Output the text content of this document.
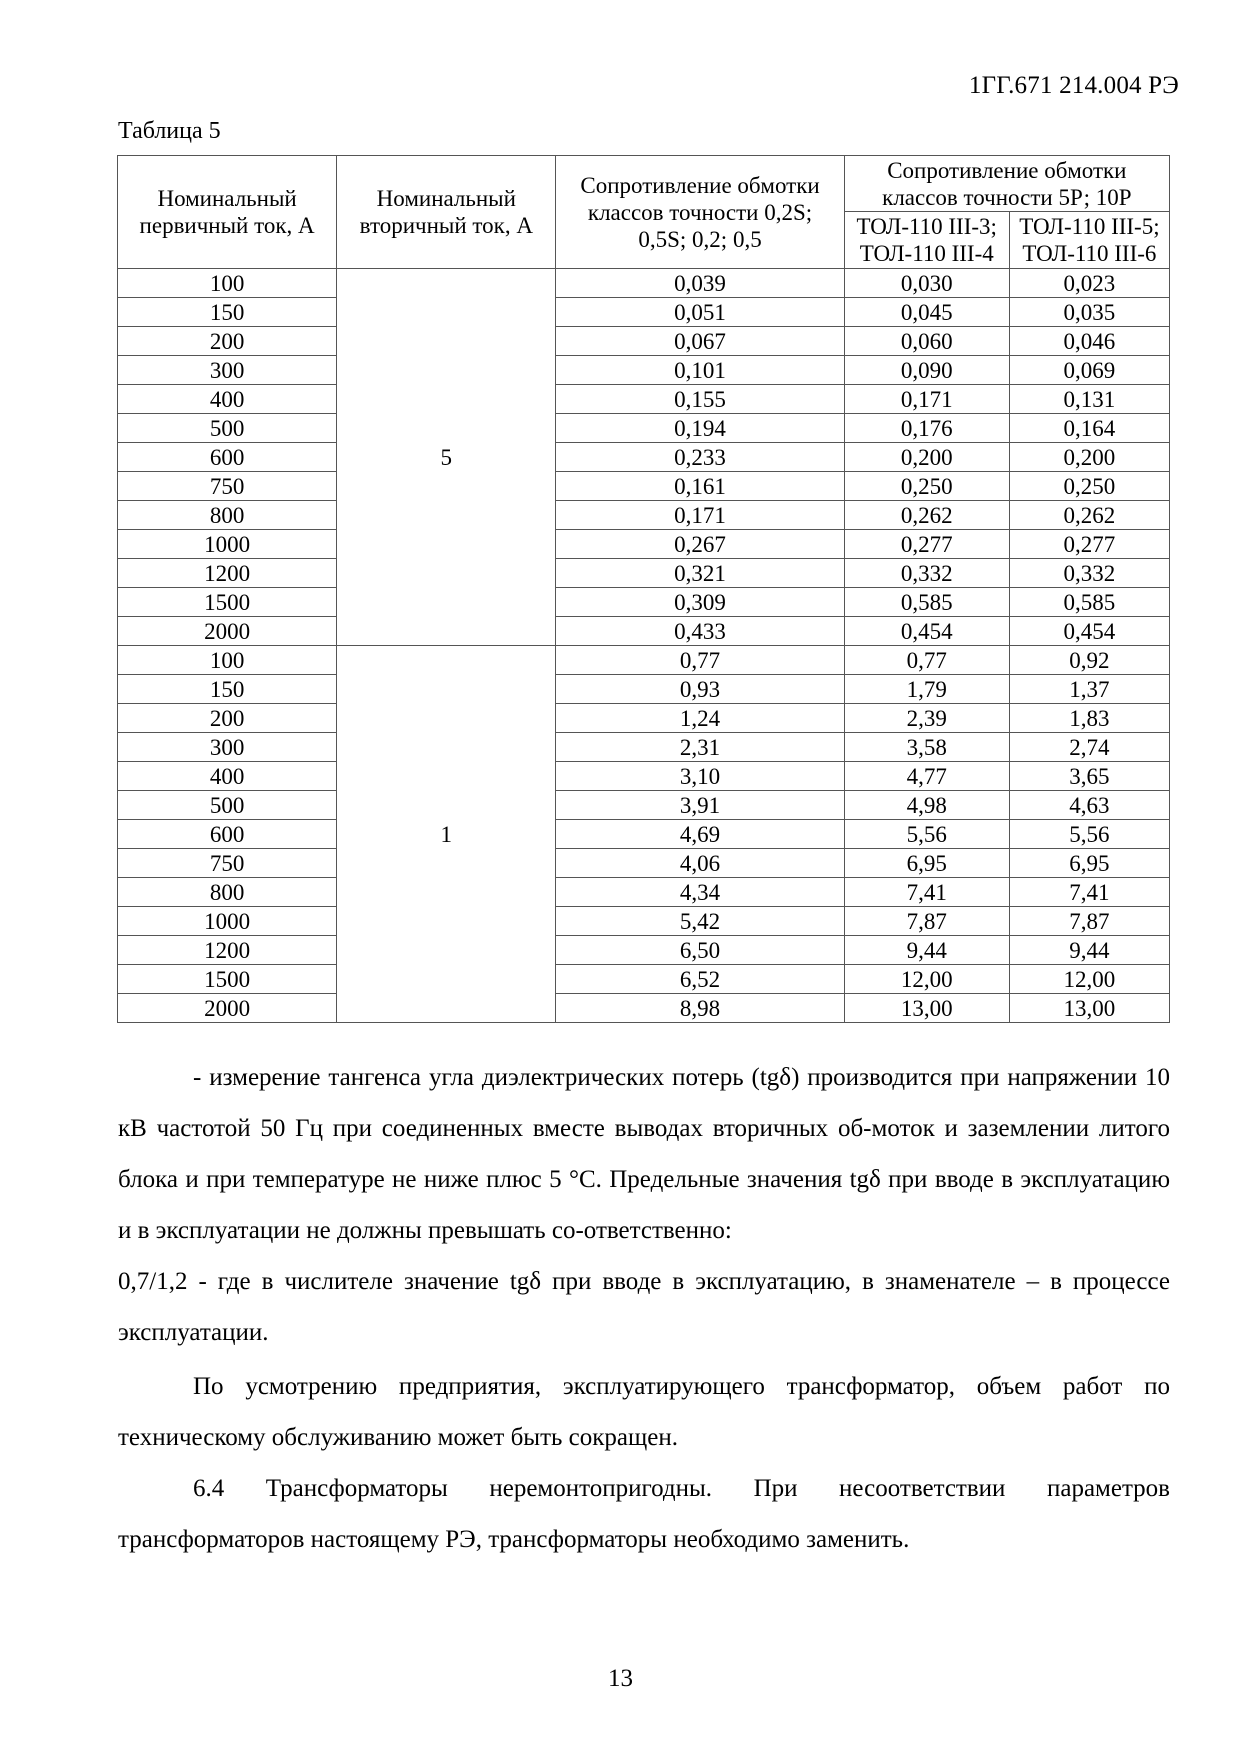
1ГГ.671 214.004 РЭ
Таблица 5
Номинальный первичный ток, А	Номинальный вторичный ток, А	Сопротивление обмотки классов точности 0,2S; 0,5S; 0,2; 0,5	Сопротивление обмотки классов точности 5Р; 10Р	
			ТОЛ-110 III-3; ТОЛ-110 III-4	ТОЛ-110 III-5; ТОЛ-110 III-6
100	5	0,039	0,030	0,023
150		0,051	0,045	0,035
200		0,067	0,060	0,046
300		0,101	0,090	0,069
400		0,155	0,171	0,131
500		0,194	0,176	0,164
600		0,233	0,200	0,200
750		0,161	0,250	0,250
800		0,171	0,262	0,262
1000		0,267	0,277	0,277
1200		0,321	0,332	0,332
1500		0,309	0,585	0,585
2000		0,433	0,454	0,454
100	1	0,77	0,77	0,92
150		0,93	1,79	1,37
200		1,24	2,39	1,83
300		2,31	3,58	2,74
400		3,10	4,77	3,65
500		3,91	4,98	4,63
600		4,69	5,56	5,56
750		4,06	6,95	6,95
800		4,34	7,41	7,41
1000		5,42	7,87	7,87
1200		6,50	9,44	9,44
1500		6,52	12,00	12,00
2000		8,98	13,00	13,00

- измерение тангенса угла диэлектрических потерь (tgδ) производится при напряжении 10 кВ частотой 50 Гц при соединенных вместе выводах вторичных об-моток и заземлении литого блока и при температуре не ниже плюс 5 °С. Предельные значения tgδ при вводе в эксплуатацию и в эксплуатации не должны превышать со-ответственно:

0,7/1,2 - где в числителе значение tgδ при вводе в эксплуатацию, в знаменателе – в процессе эксплуатации.

По усмотрению предприятия, эксплуатирующего трансформатор, объем работ по техническому обслуживанию может быть сокращен.

6.4 Трансформаторы неремонтопригодны. При несоответствии параметров трансформаторов настоящему РЭ, трансформаторы необходимо заменить.

13
